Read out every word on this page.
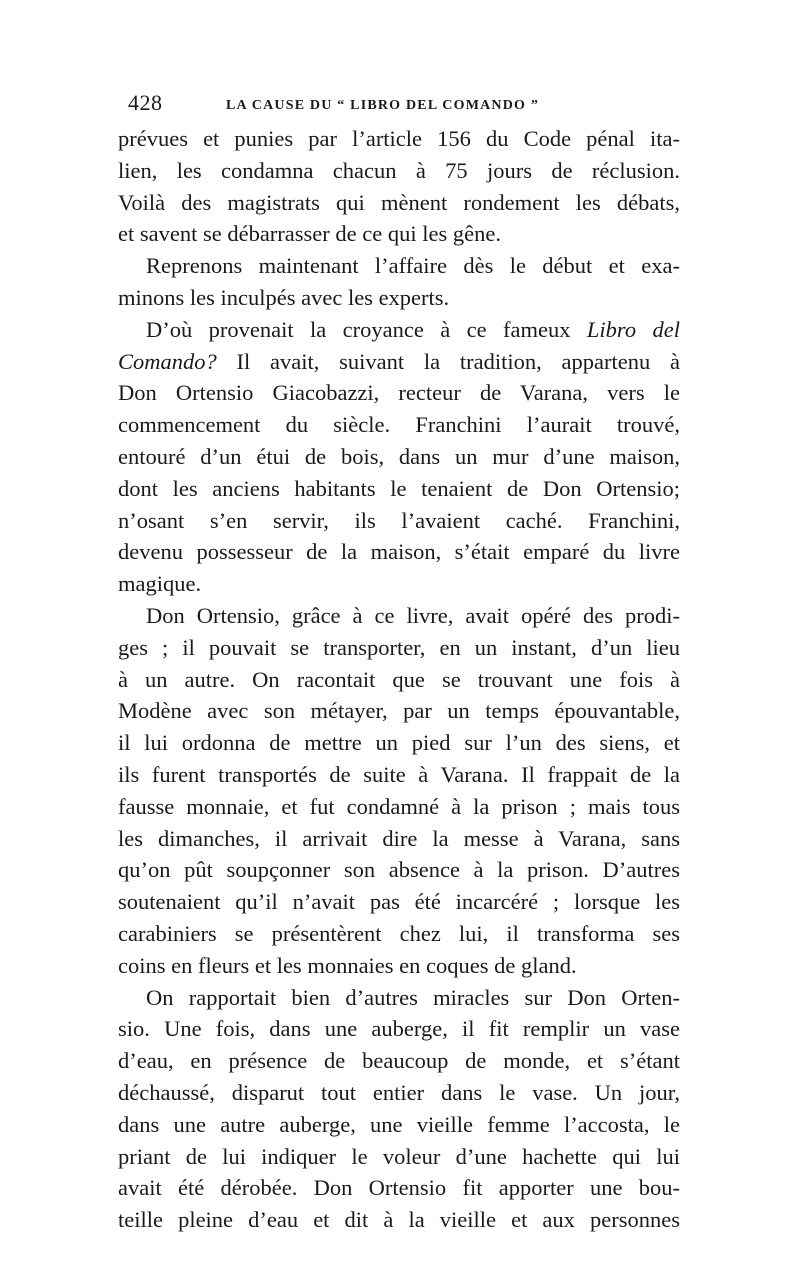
428	LA CAUSE DU “ LIBRO DEL COMANDO ”
prévues et punies par l’article 156 du Code pénal ita-
lien, les condamna chacun à 75 jours de réclusion.
Voilà des magistrats qui mènent rondement les débats,
et savent se débarrasser de ce qui les gêne.
Reprenons maintenant l’affaire dès le début et exa-
minons les inculpés avec les experts.
D’où provenait la croyance à ce fameux Libro del
Comando? Il avait, suivant la tradition, appartenu à
Don Ortensio Giacobazzi, recteur de Varana, vers le
commencement du siècle. Franchini l’aurait trouvé,
entouré d’un étui de bois, dans un mur d’une maison,
dont les anciens habitants le tenaient de Don Ortensio;
n’osant s’en servir, ils l’avaient caché. Franchini,
devenu possesseur de la maison, s’était emparé du livre
magique.
Don Ortensio, grâce à ce livre, avait opéré des prodi-
ges ; il pouvait se transporter, en un instant, d’un lieu
à un autre. On racontait que se trouvant une fois à
Modène avec son métayer, par un temps épouvantable,
il lui ordonna de mettre un pied sur l’un des siens, et
ils furent transportés de suite à Varana. Il frappait de la
fausse monnaie, et fut condamné à la prison ; mais tous
les dimanches, il arrivait dire la messe à Varana, sans
qu’on pût soupçonner son absence à la prison. D’autres
soutenaient qu’il n’avait pas été incarcéré ; lorsque les
carabiniers se présentèrent chez lui, il transforma ses
coins en fleurs et les monnaies en coques de gland.
On rapportait bien d’autres miracles sur Don Orten-
sio. Une fois, dans une auberge, il fit remplir un vase
d’eau, en présence de beaucoup de monde, et s’étant
déchaussé, disparut tout entier dans le vase. Un jour,
dans une autre auberge, une vieille femme l’accosta, le
priant de lui indiquer le voleur d’une hachette qui lui
avait été dérobée. Don Ortensio fit apporter une bou-
teille pleine d’eau et dit à la vieille et aux personnes
